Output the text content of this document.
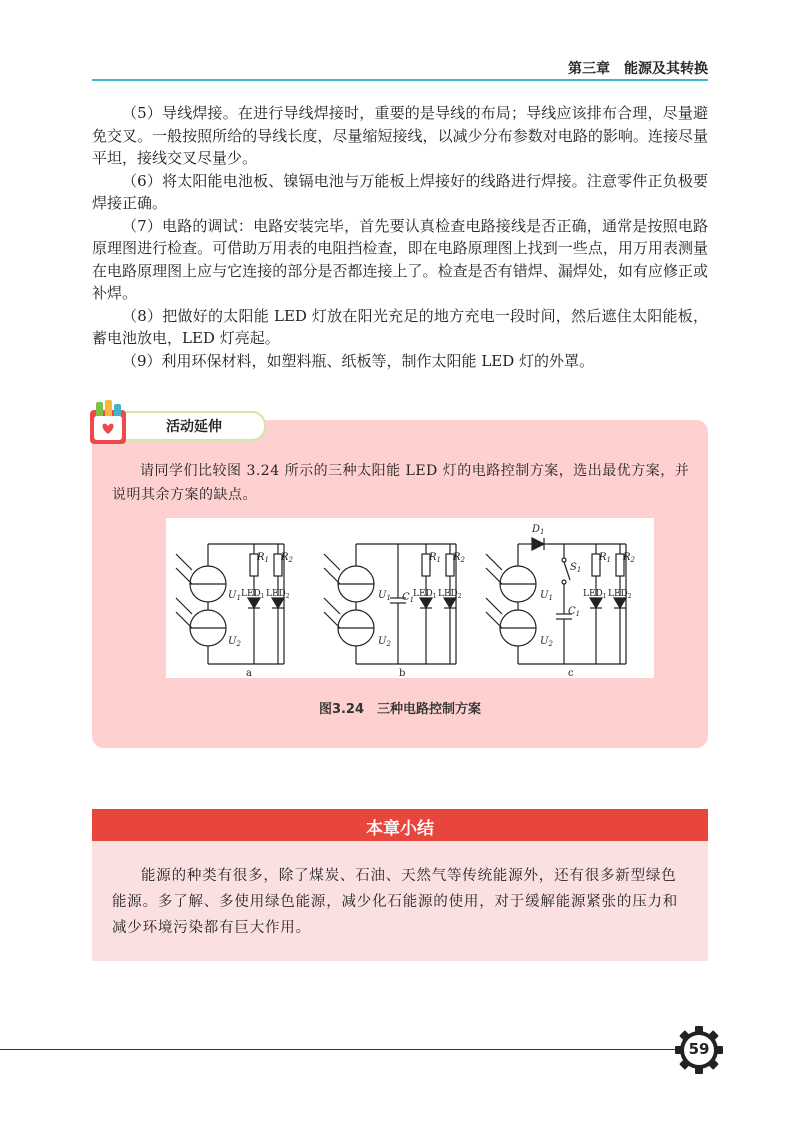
第三章　能源及其转换

（5）导线焊接。在进行导线焊接时，重要的是导线的布局；导线应该排布合理，尽量避免交叉。一般按照所给的导线长度，尽量缩短接线，以减少分布参数对电路的影响。连接尽量平坦，接线交叉尽量少。

（6）将太阳能电池板、镍镉电池与万能板上焊接好的线路进行焊接。注意零件正负极要焊接正确。

（7）电路的调试：电路安装完毕，首先要认真检查电路接线是否正确，通常是按照电路原理图进行检查。可借助万用表的电阻挡检查，即在电路原理图上找到一些点，用万用表测量在电路原理图上应与它连接的部分是否都连接上了。检查是否有错焊、漏焊处，如有应修正或补焊。

（8）把做好的太阳能 LED 灯放在阳光充足的地方充电一段时间，然后遮住太阳能板，蓄电池放电，LED 灯亮起。

（9）利用环保材料，如塑料瓶、纸板等，制作太阳能 LED 灯的外罩。

活动延伸

请同学们比较图 3.24 所示的三种太阳能 LED 灯的电路控制方案，选出最优方案，并说明其余方案的缺点。

$R_1$ $R_2$
$U_1$
$U_2$
$LED_1$ $LED_2$
a
$R_1$ $R_2$
$U_1$
$U_2$
$C_1$
$LED_1$ $LED_2$
b
$D_1$
$S_1$
$R_1$ $R_2$
$U_1$
$U_2$
$C_1$
$LED_1$ $LED_2$
c
图3.24　三种电路控制方案
本章小结

能源的种类有很多，除了煤炭、石油、天然气等传统能源外，还有很多新型绿色能源。多了解、多使用绿色能源，减少化石能源的使用，对于缓解能源紧张的压力和减少环境污染都有巨大作用。

59
